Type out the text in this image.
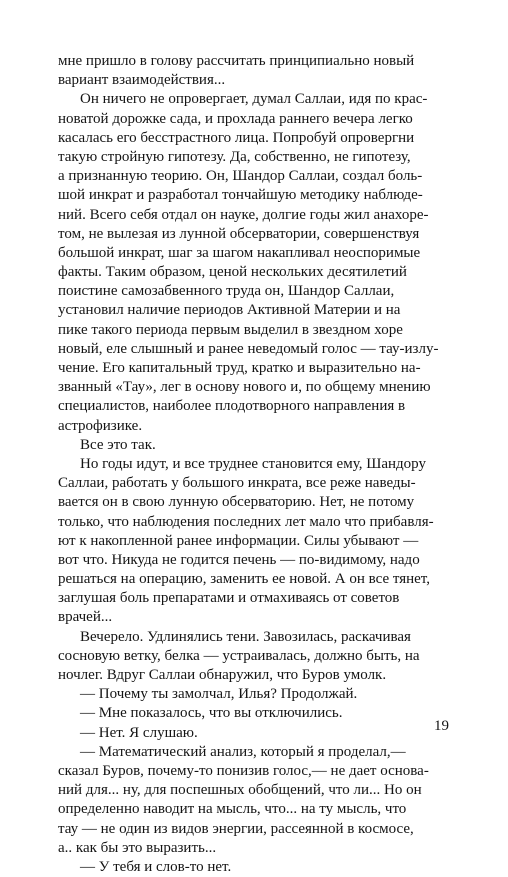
мне пришло в голову рассчитать принципиально новый
вариант взаимодействия...
Он ничего не опровергает, думал Саллаи, идя по крас-
новатой дорожке сада, и прохлада раннего вечера легко
касалась его бесстрастного лица. Попробуй опровергни
такую стройную гипотезу. Да, собственно, не гипотезу,
а признанную теорию. Он, Шандор Саллаи, создал боль-
шой инкрат и разработал тончайшую методику наблюде-
ний. Всего себя отдал он науке, долгие годы жил анахоре-
том, не вылезая из лунной обсерватории, совершенствуя
большой инкрат, шаг за шагом накапливал неоспоримые
факты. Таким образом, ценой нескольких десятилетий
поистине самозабвенного труда он, Шандор Саллаи,
установил наличие периодов Активной Материи и на
пике такого периода первым выделил в звездном хоре
новый, еле слышный и ранее неведомый голос — тау-излу-
чение. Его капитальный труд, кратко и выразительно на-
званный «Тау», лег в основу нового и, по общему мнению
специалистов, наиболее плодотворного направления в
астрофизике.
Все это так.
Но годы идут, и все труднее становится ему, Шандору
Саллаи, работать у большого инкрата, все реже наведы-
вается он в свою лунную обсерваторию. Нет, не потому
только, что наблюдения последних лет мало что прибавля-
ют к накопленной ранее информации. Силы убывают —
вот что. Никуда не годится печень — по-видимому, надо
решаться на операцию, заменить ее новой. А он все тянет,
заглушая боль препаратами и отмахиваясь от советов
врачей...
Вечерело. Удлинялись тени. Завозилась, раскачивая
сосновую ветку, белка — устраивалась, должно быть, на
ночлег. Вдруг Саллаи обнаружил, что Буров умолк.
— Почему ты замолчал, Илья? Продолжай.
— Мне показалось, что вы отключились.
— Нет. Я слушаю.
— Математический анализ, который я проделал,—
сказал Буров, почему-то понизив голос,— не дает основа-
ний для... ну, для поспешных обобщений, что ли... Но он
определенно наводит на мысль, что... на ту мысль, что
тау — не один из видов энергии, рассеянной в космосе,
а.. как бы это выразить...
— У тебя и слов-то нет.
19
